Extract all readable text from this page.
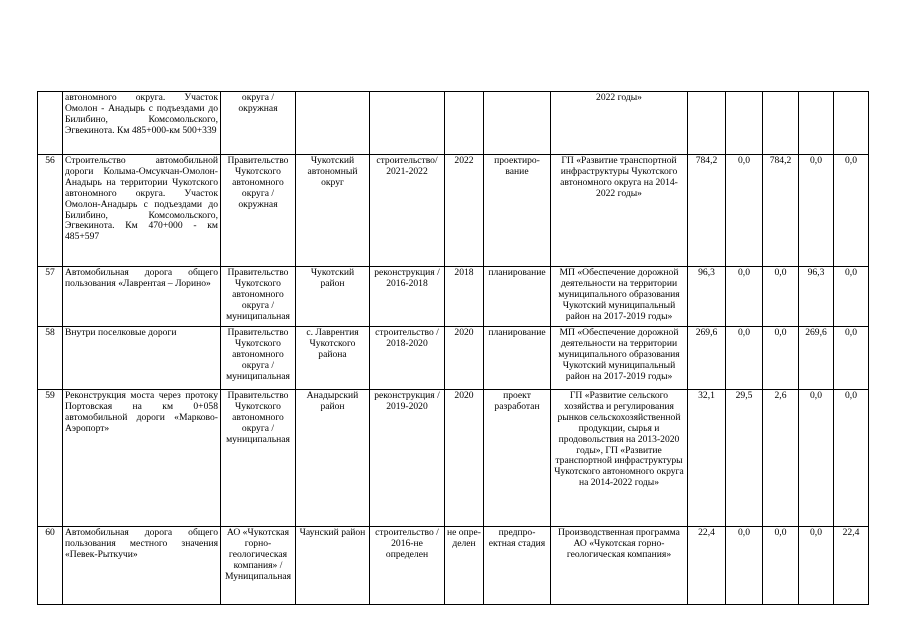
	автономного округа. Участок Омолон - Анадырь с подъездами до Билибино, Комсомольского, Эгвекинота. Км 485+000-км 500+339	округа / окружная					2022 годы»					
56	Строительство автомобильной дороги Колыма-Омсукчан-Омолон-Анадырь на территории Чукотского автономного округа. Участок Омолон-Анадырь с подъездами до Билибино, Комсомольского, Эгвекинота. Км 470+000 - км 485+597	Правительство Чукотского автономного округа / окружная	Чукотский автономный округ	строительство/ 2021-2022	2022	проектиро-вание	ГП «Развитие транспортной инфраструктуры Чукотского автономного округа на 2014-2022 годы»	784,2	0,0	784,2	0,0	0,0
57	Автомобильная дорога общего пользования «Лаврентая – Лорино»	Правительство Чукотского автономного округа / муниципальная	Чукотский район	реконструкция / 2016-2018	2018	планирование	МП «Обеспечение дорожной деятельности на территории муниципального образования Чукотский муниципальный район на 2017-2019 годы»	96,3	0,0	0,0	96,3	0,0
58	Внутри поселковые дороги	Правительство Чукотского автономного округа / муниципальная	с. Лаврентия Чукотского района	строительство / 2018-2020	2020	планирование	МП «Обеспечение дорожной деятельности на территории муниципального образования Чукотский муниципальный район на 2017-2019 годы»	269,6	0,0	0,0	269,6	0,0
59	Реконструкция моста через протоку Портовская на км 0+058 автомобильной дороги «Марково-Аэропорт»	Правительство Чукотского автономного округа / муниципальная	Анадырский район	реконструкция / 2019-2020	2020	проект разработан	ГП «Развитие сельского хозяйства и регулирования рынков сельскохозяйственной продукции, сырья и продовольствия на 2013-2020 годы», ГП «Развитие транспортной инфраструктуры Чукотского автономного округа на 2014-2022 годы»	32,1	29,5	2,6	0,0	0,0
60	Автомобильная дорога общего пользования местного значения «Певек-Рыткучи»	АО «Чукотская горно-геологическая компания» / Муниципальная	Чаунский район	строительство / 2016-не определен	не опре-делен	предпро-ектная стадия	Производственная программа АО «Чукотская горно-геологическая компания»	22,4	0,0	0,0	0,0	22,4
